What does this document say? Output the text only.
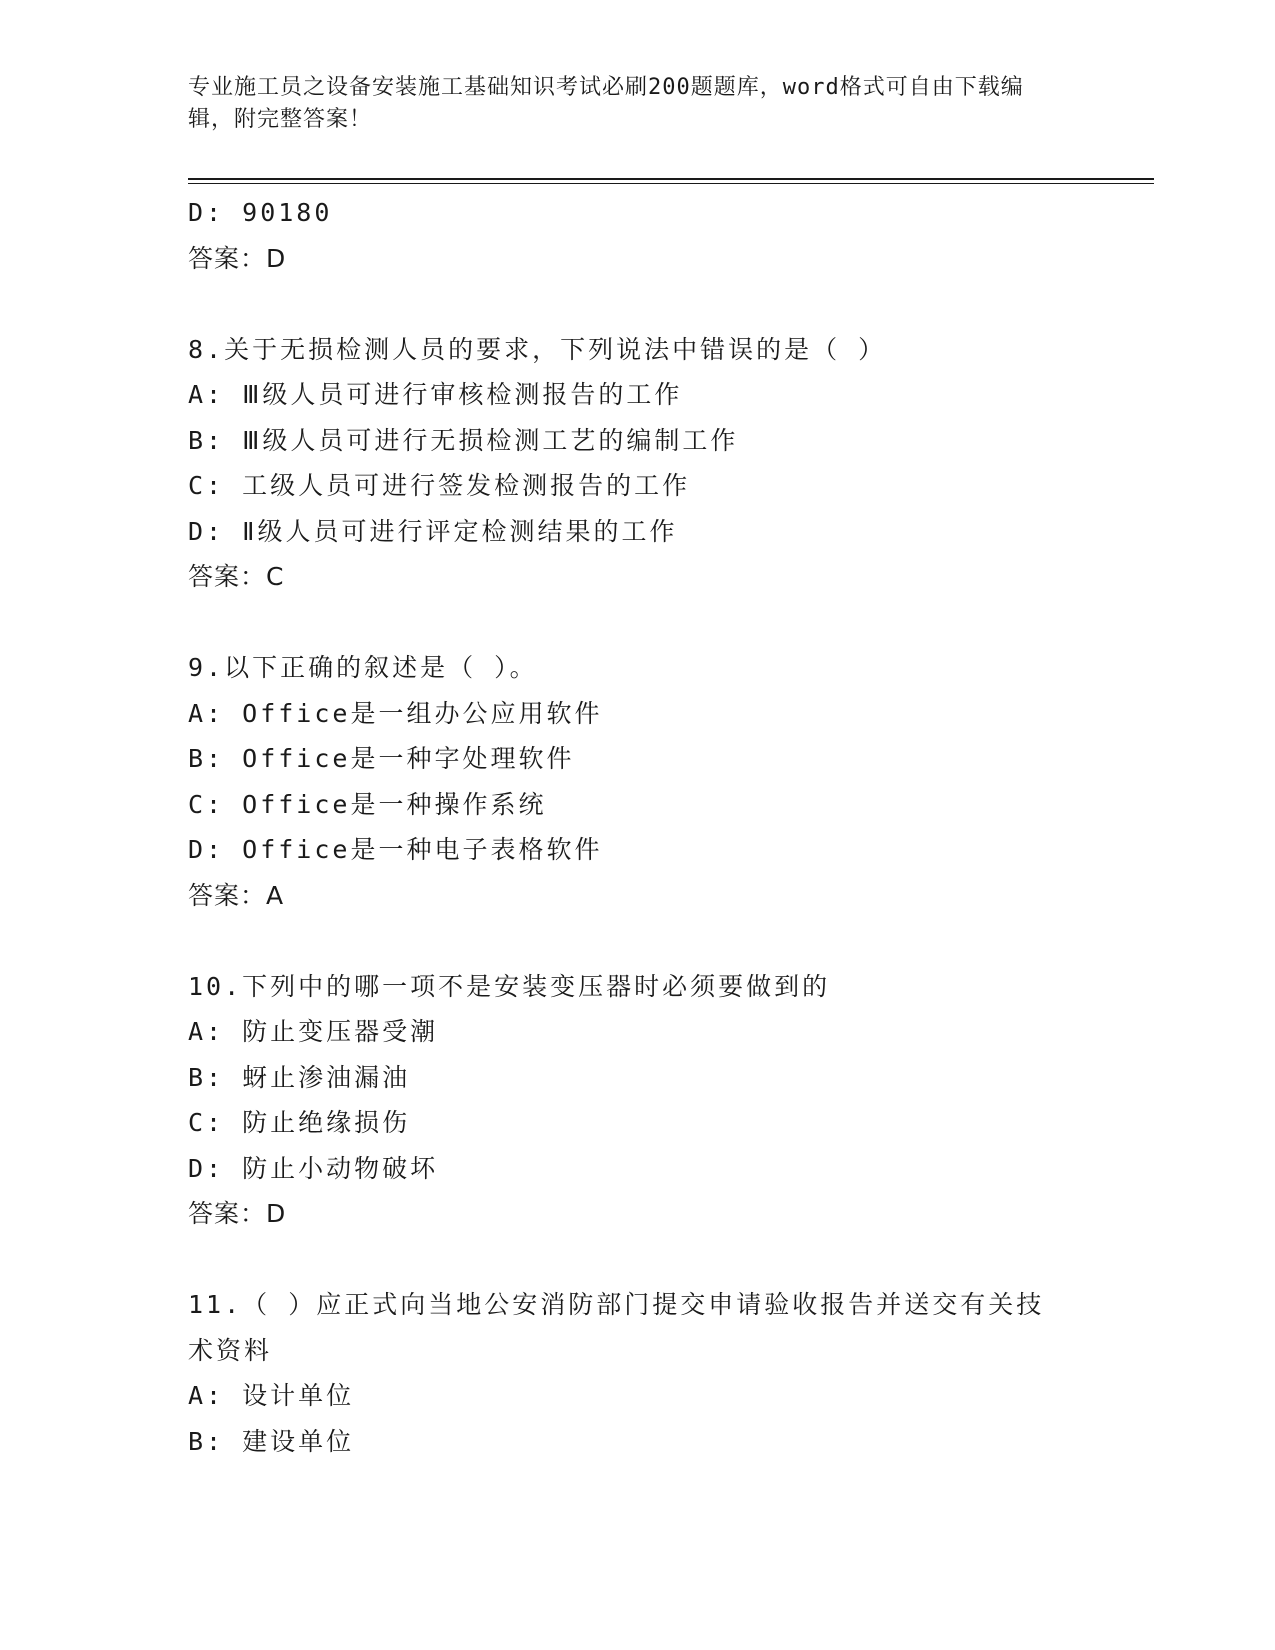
专业施工员之设备安装施工基础知识考试必刷200题题库，word格式可自由下载编辑，附完整答案！

D: 90180

答案：D

8.关于无损检测人员的要求，下列说法中错误的是（ ）

A: Ⅲ级人员可进行审核检测报告的工作

B: Ⅲ级人员可进行无损检测工艺的编制工作

C: 工级人员可进行签发检测报告的工作

D: Ⅱ级人员可进行评定检测结果的工作

答案：C

9.以下正确的叙述是（ ）。

A: Office是一组办公应用软件

B: Office是一种字处理软件

C: Office是一种操作系统

D: Office是一种电子表格软件

答案：A

10.下列中的哪一项不是安装变压器时必须要做到的

A: 防止变压器受潮

B: 蚜止渗油漏油

C: 防止绝缘损伤

D: 防止小动物破坏

答案：D

11.（ ）应正式向当地公安消防部门提交申请验收报告并送交有关技术资料

A: 设计单位

B: 建设单位
